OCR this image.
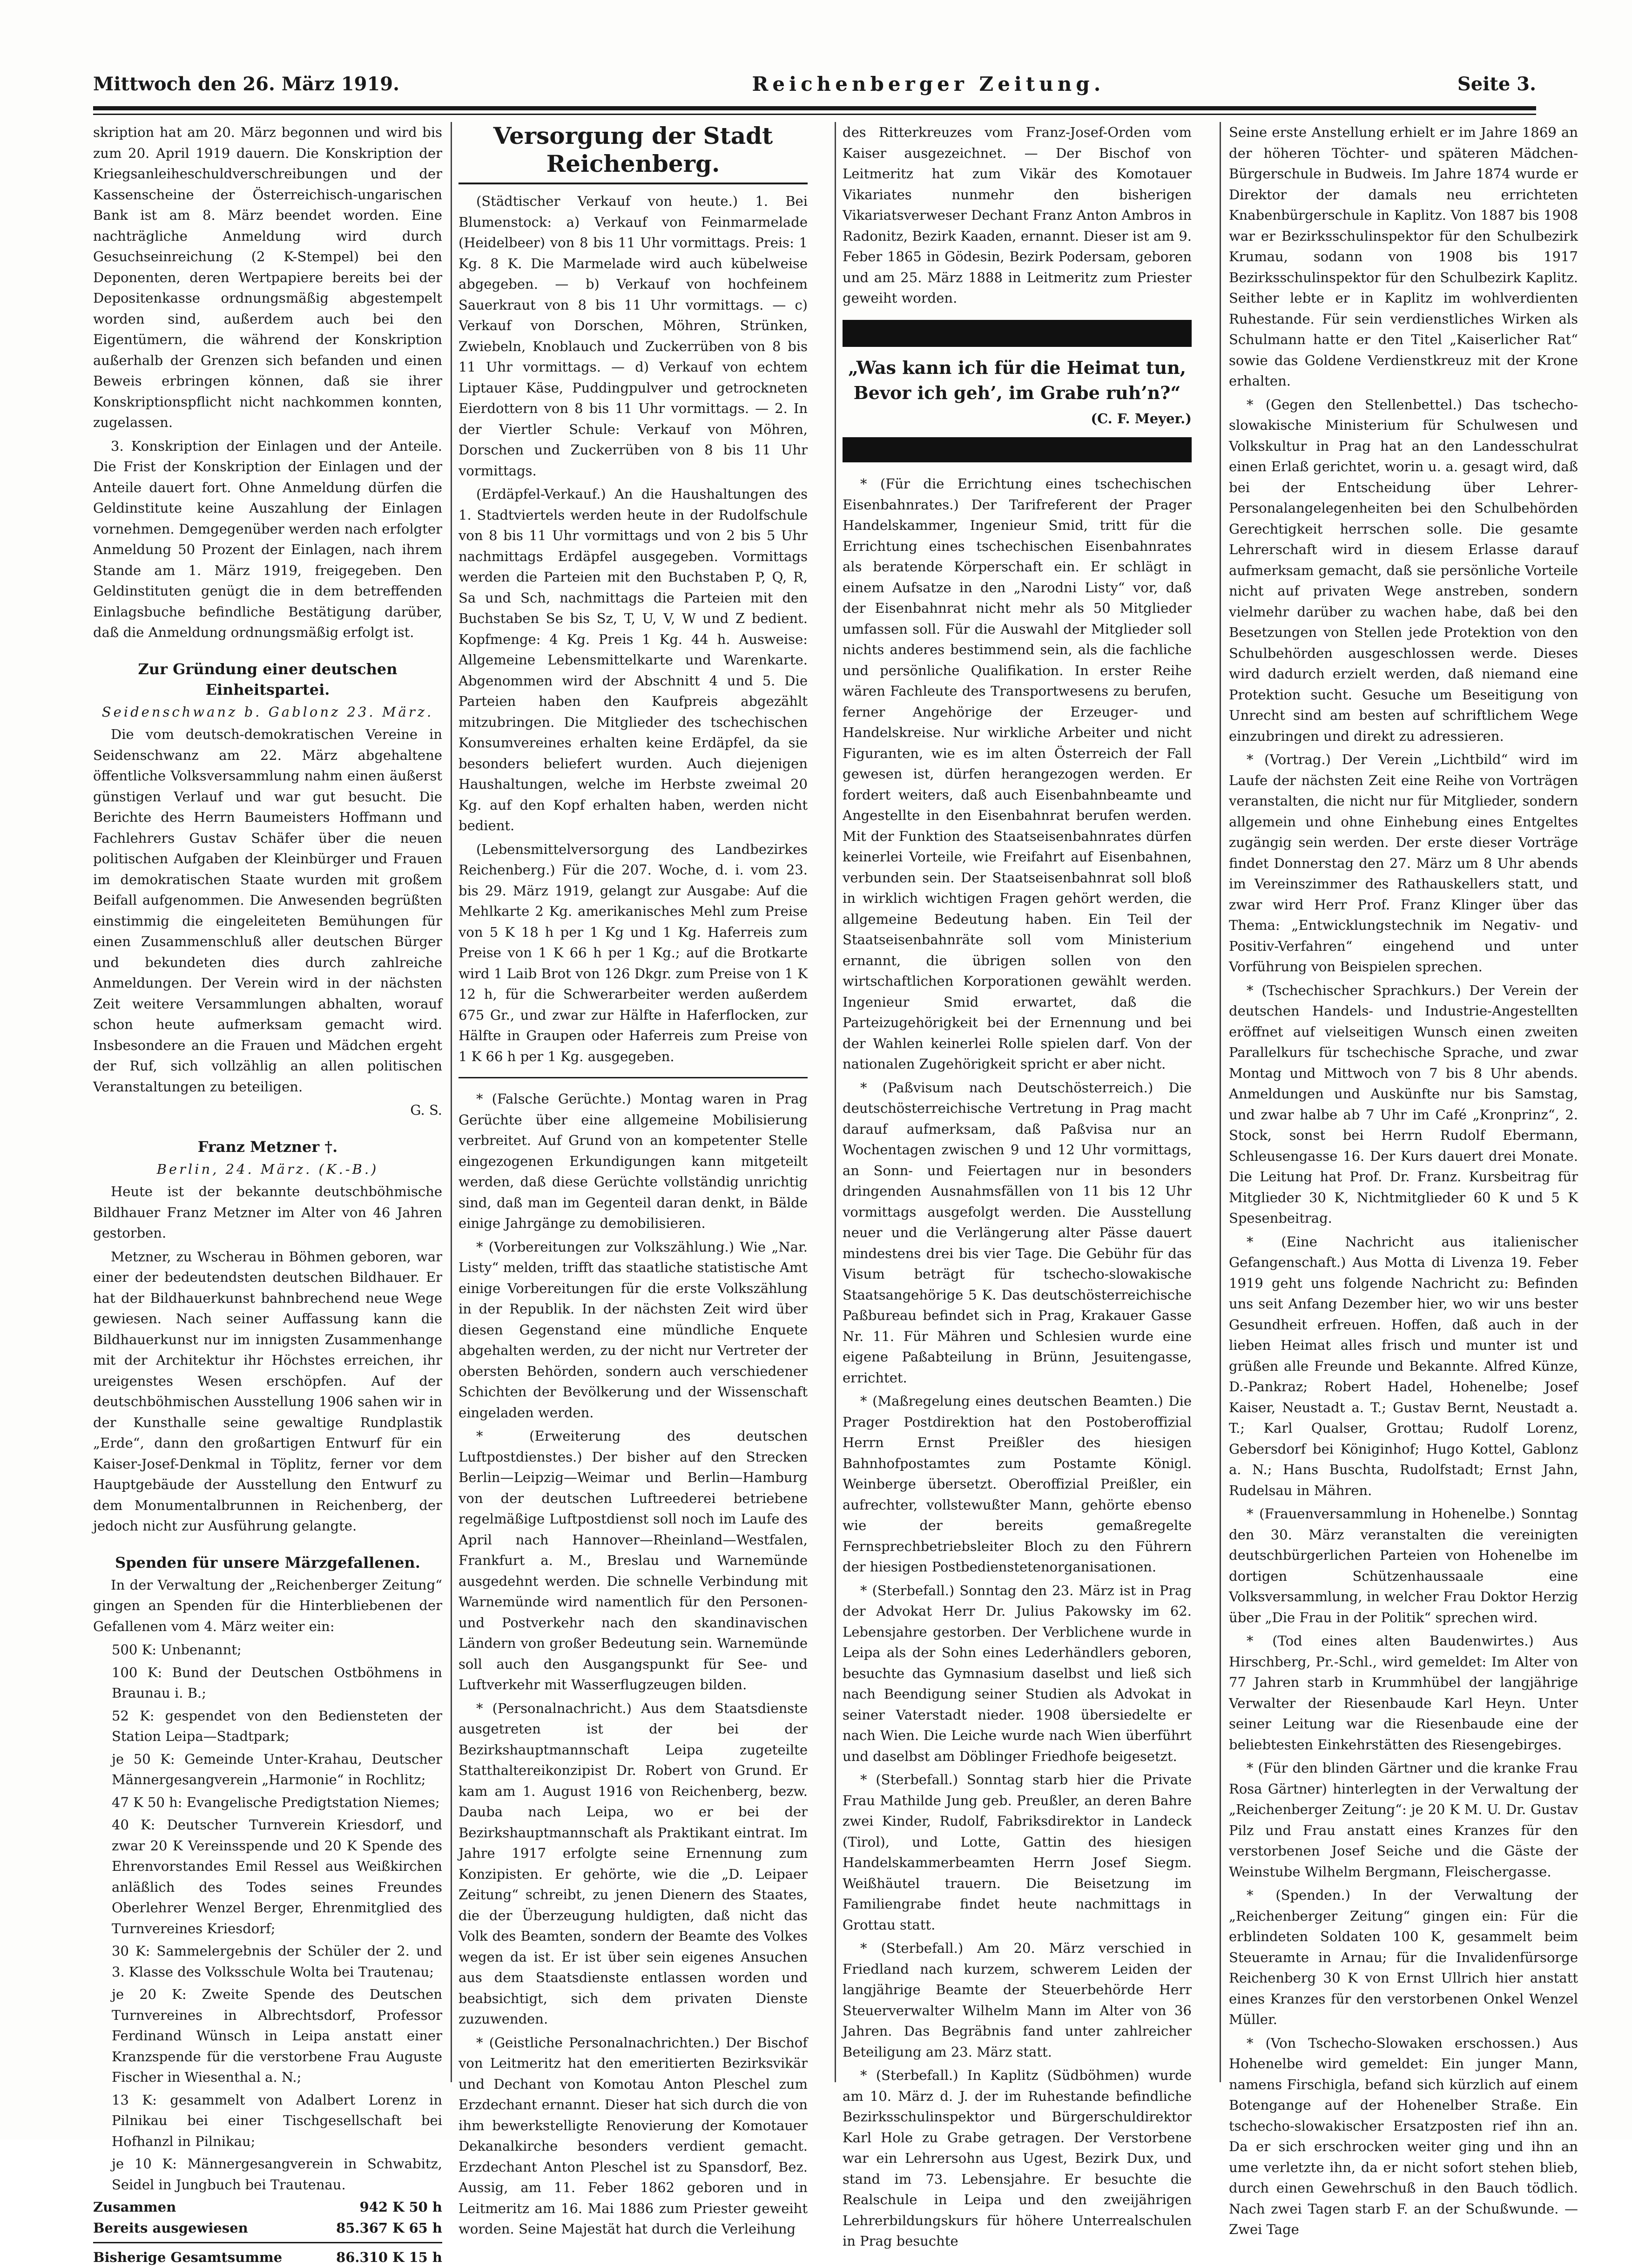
Mittwoch den 26. März 1919.	Reichenberger Zeitung.	Seite 3.

skription hat am 20. März begonnen und wird bis zum 20. April 1919 dauern. Die Konskription der Kriegsanleiheschuldverschreibungen und der Kassenscheine der Österreichisch-ungarischen Bank ist am 8. März beendet worden. Eine nachträgliche Anmeldung wird durch Gesuchseinreichung (2 K-Stempel) bei den Deponenten, deren Wertpapiere bereits bei der Depositenkasse ordnungsmäßig abgestempelt worden sind, außerdem auch bei den Eigentümern, die während der Konskription außerhalb der Grenzen sich befanden und einen Beweis erbringen können, daß sie ihrer Konskriptionspflicht nicht nachkommen konnten, zugelassen.

3. Konskription der Einlagen und der Anteile. Die Frist der Konskription der Einlagen und der Anteile dauert fort. Ohne Anmeldung dürfen die Geldinstitute keine Auszahlung der Einlagen vornehmen. Demgegenüber werden nach erfolgter Anmeldung 50 Prozent der Einlagen, nach ihrem Stande am 1. März 1919, freigegeben. Den Geldinstituten genügt die in dem betreffenden Einlagsbuche befindliche Bestätigung darüber, daß die Anmeldung ordnungsmäßig erfolgt ist.

Zur Gründung einer deutschen Einheitspartei.

Seidenschwanz b. Gablonz 23. März.

Die vom deutsch-demokratischen Vereine in Seidenschwanz am 22. März abgehaltene öffentliche Volksversammlung nahm einen äußerst günstigen Verlauf und war gut besucht. Die Berichte des Herrn Baumeisters Hoffmann und Fachlehrers Gustav Schäfer über die neuen politischen Aufgaben der Kleinbürger und Frauen im demokratischen Staate wurden mit großem Beifall aufgenommen. Die Anwesenden begrüßten einstimmig die eingeleiteten Bemühungen für einen Zusammenschluß aller deutschen Bürger und bekundeten dies durch zahlreiche Anmeldungen. Der Verein wird in der nächsten Zeit weitere Versammlungen abhalten, worauf schon heute aufmerksam gemacht wird. Insbesondere an die Frauen und Mädchen ergeht der Ruf, sich vollzählig an allen politischen Veranstaltungen zu beteiligen.

G. S.

Franz Metzner †.

Berlin, 24. März. (K.-B.)

Heute ist der bekannte deutschböhmische Bildhauer Franz Metzner im Alter von 46 Jahren gestorben.

Metzner, zu Wscherau in Böhmen geboren, war einer der bedeutendsten deutschen Bildhauer. Er hat der Bildhauerkunst bahnbrechend neue Wege gewiesen. Nach seiner Auffassung kann die Bildhauerkunst nur im innigsten Zusammenhange mit der Architektur ihr Höchstes erreichen, ihr ureigenstes Wesen erschöpfen. Auf der deutschböhmischen Ausstellung 1906 sahen wir in der Kunsthalle seine gewaltige Rundplastik „Erde“, dann den großartigen Entwurf für ein Kaiser-Josef-Denkmal in Töplitz, ferner vor dem Hauptgebäude der Ausstellung den Entwurf zu dem Monumentalbrunnen in Reichenberg, der jedoch nicht zur Ausführung gelangte.

Spenden für unsere Märzgefallenen.

In der Verwaltung der „Reichenberger Zeitung“ gingen an Spenden für die Hinterbliebenen der Gefallenen vom 4. März weiter ein:

500 K: Unbenannt;

100 K: Bund der Deutschen Ostböhmens in Braunau i. B.;

52 K: gespendet von den Bediensteten der Station Leipa—Stadtpark;

je 50 K: Gemeinde Unter-Krahau, Deutscher Männergesangverein „Harmonie“ in Rochlitz;

47 K 50 h: Evangelische Predigtstation Niemes;

40 K: Deutscher Turnverein Kriesdorf, und zwar 20 K Vereinsspende und 20 K Spende des Ehrenvorstandes Emil Ressel aus Weißkirchen anläßlich des Todes seines Freundes Oberlehrer Wenzel Berger, Ehrenmitglied des Turnvereines Kriesdorf;

30 K: Sammelergebnis der Schüler der 2. und 3. Klasse des Volksschule Wolta bei Trautenau;

je 20 K: Zweite Spende des Deutschen Turnvereines in Albrechtsdorf, Professor Ferdinand Wünsch in Leipa anstatt einer Kranzspende für die verstorbene Frau Auguste Fischer in Wiesenthal a. N.;

13 K: gesammelt von Adalbert Lorenz in Pilnikau bei einer Tischgesellschaft bei Hofhanzl in Pilnikau;

je 10 K: Männergesangverein in Schwabitz, Seidel in Jungbuch bei Trautenau.

Zusammen	942 K 50 h
Bereits ausgewiesen	85.367 K 65 h
Bisherige Gesamtsumme	86.310 K 15 h
Versorgung der Stadt Reichenberg.

(Städtischer Verkauf von heute.) 1. Bei Blumenstock: a) Verkauf von Feinmarmelade (Heidelbeer) von 8 bis 11 Uhr vormittags. Preis: 1 Kg. 8 K. Die Marmelade wird auch kübelweise abgegeben. — b) Verkauf von hochfeinem Sauerkraut von 8 bis 11 Uhr vormittags. — c) Verkauf von Dorschen, Möhren, Strünken, Zwiebeln, Knoblauch und Zuckerrüben von 8 bis 11 Uhr vormittags. — d) Verkauf von echtem Liptauer Käse, Puddingpulver und getrockneten Eierdottern von 8 bis 11 Uhr vormittags. — 2. In der Viertler Schule: Verkauf von Möhren, Dorschen und Zuckerrüben von 8 bis 11 Uhr vormittags.

(Erdäpfel-Verkauf.) An die Haushaltungen des 1. Stadtviertels werden heute in der Rudolfschule von 8 bis 11 Uhr vormittags und von 2 bis 5 Uhr nachmittags Erdäpfel ausgegeben. Vormittags werden die Parteien mit den Buchstaben P, Q, R, Sa und Sch, nachmittags die Parteien mit den Buchstaben Se bis Sz, T, U, V, W und Z bedient. Kopfmenge: 4 Kg. Preis 1 Kg. 44 h. Ausweise: Allgemeine Lebensmittelkarte und Warenkarte. Abgenommen wird der Abschnitt 4 und 5. Die Parteien haben den Kaufpreis abgezählt mitzubringen. Die Mitglieder des tschechischen Konsumvereines erhalten keine Erdäpfel, da sie besonders beliefert wurden. Auch diejenigen Haushaltungen, welche im Herbste zweimal 20 Kg. auf den Kopf erhalten haben, werden nicht bedient.

(Lebensmittelversorgung des Landbezirkes Reichenberg.) Für die 207. Woche, d. i. vom 23. bis 29. März 1919, gelangt zur Ausgabe: Auf die Mehlkarte 2 Kg. amerikanisches Mehl zum Preise von 5 K 18 h per 1 Kg und 1 Kg. Haferreis zum Preise von 1 K 66 h per 1 Kg.; auf die Brotkarte wird 1 Laib Brot von 126 Dkgr. zum Preise von 1 K 12 h, für die Schwerarbeiter werden außerdem 675 Gr., und zwar zur Hälfte in Haferflocken, zur Hälfte in Graupen oder Haferreis zum Preise von 1 K 66 h per 1 Kg. ausgegeben.

* (Falsche Gerüchte.) Montag waren in Prag Gerüchte über eine allgemeine Mobilisierung verbreitet. Auf Grund von an kompetenter Stelle eingezogenen Erkundigungen kann mitgeteilt werden, daß diese Gerüchte vollständig unrichtig sind, daß man im Gegenteil daran denkt, in Bälde einige Jahrgänge zu demobilisieren.

* (Vorbereitungen zur Volkszählung.) Wie „Nar. Listy“ melden, trifft das staatliche statistische Amt einige Vorbereitungen für die erste Volkszählung in der Republik. In der nächsten Zeit wird über diesen Gegenstand eine mündliche Enquete abgehalten werden, zu der nicht nur Vertreter der obersten Behörden, sondern auch verschiedener Schichten der Bevölkerung und der Wissenschaft eingeladen werden.

* (Erweiterung des deutschen Luftpostdienstes.) Der bisher auf den Strecken Berlin—Leipzig—Weimar und Berlin—Hamburg von der deutschen Luftreederei betriebene regelmäßige Luftpostdienst soll noch im Laufe des April nach Hannover—Rheinland—Westfalen, Frankfurt a. M., Breslau und Warnemünde ausgedehnt werden. Die schnelle Verbindung mit Warnemünde wird namentlich für den Personen- und Postverkehr nach den skandinavischen Ländern von großer Bedeutung sein. Warnemünde soll auch den Ausgangspunkt für See- und Luftverkehr mit Wasserflugzeugen bilden.

* (Personalnachricht.) Aus dem Staatsdienste ausgetreten ist der bei der Bezirkshauptmannschaft Leipa zugeteilte Statthaltereikonzipist Dr. Robert von Grund. Er kam am 1. August 1916 von Reichenberg, bezw. Dauba nach Leipa, wo er bei der Bezirkshauptmannschaft als Praktikant eintrat. Im Jahre 1917 erfolgte seine Ernennung zum Konzipisten. Er gehörte, wie die „D. Leipaer Zeitung“ schreibt, zu jenen Dienern des Staates, die der Überzeugung huldigten, daß nicht das Volk des Beamten, sondern der Beamte des Volkes wegen da ist. Er ist über sein eigenes Ansuchen aus dem Staatsdienste entlassen worden und beabsichtigt, sich dem privaten Dienste zuzuwenden.

* (Geistliche Personalnachrichten.) Der Bischof von Leitmeritz hat den emeritierten Bezirksvikär und Dechant von Komotau Anton Pleschel zum Erzdechant ernannt. Dieser hat sich durch die von ihm bewerkstelligte Renovierung der Komotauer Dekanalkirche besonders verdient gemacht. Erzdechant Anton Pleschel ist zu Spansdorf, Bez. Aussig, am 11. Feber 1862 geboren und in Leitmeritz am 16. Mai 1886 zum Priester geweiht worden. Seine Majestät hat durch die Verleihung

des Ritterkreuzes vom Franz-Josef-Orden vom Kaiser ausgezeichnet. — Der Bischof von Leitmeritz hat zum Vikär des Komotauer Vikariates nunmehr den bisherigen Vikariatsverweser Dechant Franz Anton Ambros in Radonitz, Bezirk Kaaden, ernannt. Dieser ist am 9. Feber 1865 in Gödesin, Bezirk Podersam, geboren und am 25. März 1888 in Leitmeritz zum Priester geweiht worden.

„Was kann ich für die Heimat tun, Bevor ich geh’, im Grabe ruh’n?“

(C. F. Meyer.)

* (Für die Errichtung eines tschechischen Eisenbahnrates.) Der Tarifreferent der Prager Handelskammer, Ingenieur Smid, tritt für die Errichtung eines tschechischen Eisenbahnrates als beratende Körperschaft ein. Er schlägt in einem Aufsatze in den „Narodni Listy“ vor, daß der Eisenbahnrat nicht mehr als 50 Mitglieder umfassen soll. Für die Auswahl der Mitglieder soll nichts anderes bestimmend sein, als die fachliche und persönliche Qualifikation. In erster Reihe wären Fachleute des Transportwesens zu berufen, ferner Angehörige der Erzeuger- und Handelskreise. Nur wirkliche Arbeiter und nicht Figuranten, wie es im alten Österreich der Fall gewesen ist, dürfen herangezogen werden. Er fordert weiters, daß auch Eisenbahnbeamte und Angestellte in den Eisenbahnrat berufen werden. Mit der Funktion des Staatseisenbahnrates dürfen keinerlei Vorteile, wie Freifahrt auf Eisenbahnen, verbunden sein. Der Staatseisenbahnrat soll bloß in wirklich wichtigen Fragen gehört werden, die allgemeine Bedeutung haben. Ein Teil der Staatseisenbahnräte soll vom Ministerium ernannt, die übrigen sollen von den wirtschaftlichen Korporationen gewählt werden. Ingenieur Smid erwartet, daß die Parteizugehörigkeit bei der Ernennung und bei der Wahlen keinerlei Rolle spielen darf. Von der nationalen Zugehörigkeit spricht er aber nicht.

* (Paßvisum nach Deutschösterreich.) Die deutschösterreichische Vertretung in Prag macht darauf aufmerksam, daß Paßvisa nur an Wochentagen zwischen 9 und 12 Uhr vormittags, an Sonn- und Feiertagen nur in besonders dringenden Ausnahmsfällen von 11 bis 12 Uhr vormittags ausgefolgt werden. Die Ausstellung neuer und die Verlängerung alter Pässe dauert mindestens drei bis vier Tage. Die Gebühr für das Visum beträgt für tschecho-slowakische Staatsangehörige 5 K. Das deutschösterreichische Paßbureau befindet sich in Prag, Krakauer Gasse Nr. 11. Für Mähren und Schlesien wurde eine eigene Paßabteilung in Brünn, Jesuitengasse, errichtet.

* (Maßregelung eines deutschen Beamten.) Die Prager Postdirektion hat den Postoberoffizial Herrn Ernst Preißler des hiesigen Bahnhofpostamtes zum Postamte Königl. Weinberge übersetzt. Oberoffizial Preißler, ein aufrechter, vollstewußter Mann, gehörte ebenso wie der bereits gemaßregelte Fernsprechbetriebsleiter Bloch zu den Führern der hiesigen Postbedienstetenorganisationen.

* (Sterbefall.) Sonntag den 23. März ist in Prag der Advokat Herr Dr. Julius Pakowsky im 62. Lebensjahre gestorben. Der Verblichene wurde in Leipa als der Sohn eines Lederhändlers geboren, besuchte das Gymnasium daselbst und ließ sich nach Beendigung seiner Studien als Advokat in seiner Vaterstadt nieder. 1908 übersiedelte er nach Wien. Die Leiche wurde nach Wien überführt und daselbst am Döblinger Friedhofe beigesetzt.

* (Sterbefall.) Sonntag starb hier die Private Frau Mathilde Jung geb. Preußler, an deren Bahre zwei Kinder, Rudolf, Fabriksdirektor in Landeck (Tirol), und Lotte, Gattin des hiesigen Handelskammerbeamten Herrn Josef Siegm. Weißhäutel trauern. Die Beisetzung im Familiengrabe findet heute nachmittags in Grottau statt.

* (Sterbefall.) Am 20. März verschied in Friedland nach kurzem, schwerem Leiden der langjährige Beamte der Steuerbehörde Herr Steuerverwalter Wilhelm Mann im Alter von 36 Jahren. Das Begräbnis fand unter zahlreicher Beteiligung am 23. März statt.

* (Sterbefall.) In Kaplitz (Südböhmen) wurde am 10. März d. J. der im Ruhestande befindliche Bezirksschulinspektor und Bürgerschuldirektor Karl Hole zu Grabe getragen. Der Verstorbene war ein Lehrersohn aus Ugest, Bezirk Dux, und stand im 73. Lebensjahre. Er besuchte die Realschule in Leipa und den zweijährigen Lehrerbildungskurs für höhere Unterrealschulen in Prag besuchte

Seine erste Anstellung erhielt er im Jahre 1869 an der höheren Töchter- und späteren Mädchen-Bürgerschule in Budweis. Im Jahre 1874 wurde er Direktor der damals neu errichteten Knabenbürgerschule in Kaplitz. Von 1887 bis 1908 war er Bezirksschulinspektor für den Schulbezirk Krumau, sodann von 1908 bis 1917 Bezirksschulinspektor für den Schulbezirk Kaplitz. Seither lebte er in Kaplitz im wohlverdienten Ruhestande. Für sein verdienstliches Wirken als Schulmann hatte er den Titel „Kaiserlicher Rat“ sowie das Goldene Verdienstkreuz mit der Krone erhalten.

* (Gegen den Stellenbettel.) Das tschecho-slowakische Ministerium für Schulwesen und Volkskultur in Prag hat an den Landesschulrat einen Erlaß gerichtet, worin u. a. gesagt wird, daß bei der Entscheidung über Lehrer-Personalangelegenheiten bei den Schulbehörden Gerechtigkeit herrschen solle. Die gesamte Lehrerschaft wird in diesem Erlasse darauf aufmerksam gemacht, daß sie persönliche Vorteile nicht auf privaten Wege anstreben, sondern vielmehr darüber zu wachen habe, daß bei den Besetzungen von Stellen jede Protektion von den Schulbehörden ausgeschlossen werde. Dieses wird dadurch erzielt werden, daß niemand eine Protektion sucht. Gesuche um Beseitigung von Unrecht sind am besten auf schriftlichem Wege einzubringen und direkt zu adressieren.

* (Vortrag.) Der Verein „Lichtbild“ wird im Laufe der nächsten Zeit eine Reihe von Vorträgen veranstalten, die nicht nur für Mitglieder, sondern allgemein und ohne Einhebung eines Entgeltes zugängig sein werden. Der erste dieser Vorträge findet Donnerstag den 27. März um 8 Uhr abends im Vereinszimmer des Rathauskellers statt, und zwar wird Herr Prof. Franz Klinger über das Thema: „Entwicklungstechnik im Negativ- und Positiv-Verfahren“ eingehend und unter Vorführung von Beispielen sprechen.

* (Tschechischer Sprachkurs.) Der Verein der deutschen Handels- und Industrie-Angestellten eröffnet auf vielseitigen Wunsch einen zweiten Parallelkurs für tschechische Sprache, und zwar Montag und Mittwoch von 7 bis 8 Uhr abends. Anmeldungen und Auskünfte nur bis Samstag, und zwar halbe ab 7 Uhr im Café „Kronprinz“, 2. Stock, sonst bei Herrn Rudolf Ebermann, Schleusengasse 16. Der Kurs dauert drei Monate. Die Leitung hat Prof. Dr. Franz. Kursbeitrag für Mitglieder 30 K, Nichtmitglieder 60 K und 5 K Spesenbeitrag.

* (Eine Nachricht aus italienischer Gefangenschaft.) Aus Motta di Livenza 19. Feber 1919 geht uns folgende Nachricht zu: Befinden uns seit Anfang Dezember hier, wo wir uns bester Gesundheit erfreuen. Hoffen, daß auch in der lieben Heimat alles frisch und munter ist und grüßen alle Freunde und Bekannte. Alfred Künze, D.-Pankraz; Robert Hadel, Hohenelbe; Josef Kaiser, Neustadt a. T.; Gustav Bernt, Neustadt a. T.; Karl Qualser, Grottau; Rudolf Lorenz, Gebersdorf bei Königinhof; Hugo Kottel, Gablonz a. N.; Hans Buschta, Rudolfstadt; Ernst Jahn, Rudelsau in Mähren.

* (Frauenversammlung in Hohenelbe.) Sonntag den 30. März veranstalten die vereinigten deutschbürgerlichen Parteien von Hohenelbe im dortigen Schützenhaussaale eine Volksversammlung, in welcher Frau Doktor Herzig über „Die Frau in der Politik“ sprechen wird.

* (Tod eines alten Baudenwirtes.) Aus Hirschberg, Pr.-Schl., wird gemeldet: Im Alter von 77 Jahren starb in Krummhübel der langjährige Verwalter der Riesenbaude Karl Heyn. Unter seiner Leitung war die Riesenbaude eine der beliebtesten Einkehrstätten des Riesengebirges.

* (Für den blinden Gärtner und die kranke Frau Rosa Gärtner) hinterlegten in der Verwaltung der „Reichenberger Zeitung“: je 20 K M. U. Dr. Gustav Pilz und Frau anstatt eines Kranzes für den verstorbenen Josef Seiche und die Gäste der Weinstube Wilhelm Bergmann, Fleischergasse.

* (Spenden.) In der Verwaltung der „Reichenberger Zeitung“ gingen ein: Für die erblindeten Soldaten 100 K, gesammelt beim Steueramte in Arnau; für die Invalidenfürsorge Reichenberg 30 K von Ernst Ullrich hier anstatt eines Kranzes für den verstorbenen Onkel Wenzel Müller.

* (Von Tschecho-Slowaken erschossen.) Aus Hohenelbe wird gemeldet: Ein junger Mann, namens Firschigla, befand sich kürzlich auf einem Botengange auf der Hohenelber Straße. Ein tschecho-slowakischer Ersatzposten rief ihn an. Da er sich erschrocken weiter ging und ihn an ume verletzte ihn, da er nicht sofort stehen blieb, durch einen Gewehrschuß in den Bauch tödlich. Nach zwei Tagen starb F. an der Schußwunde. — Zwei Tage
